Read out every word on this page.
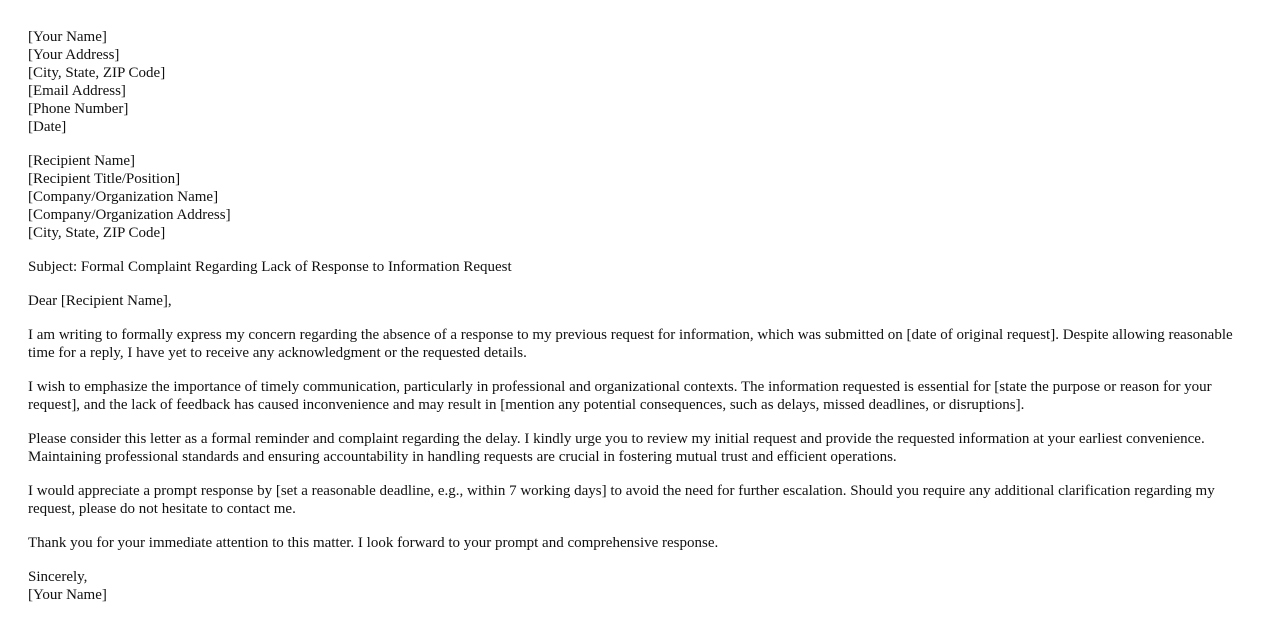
[Your Name]
[Your Address]
[City, State, ZIP Code]
[Email Address]
[Phone Number]
[Date]
[Recipient Name]
[Recipient Title/Position]
[Company/Organization Name]
[Company/Organization Address]
[City, State, ZIP Code]

Subject: Formal Complaint Regarding Lack of Response to Information Request

Dear [Recipient Name],

I am writing to formally express my concern regarding the absence of a response to my previous request for information, which was submitted on [date of original request]. Despite allowing reasonable time for a reply, I have yet to receive any acknowledgment or the requested details.

I wish to emphasize the importance of timely communication, particularly in professional and organizational contexts. The information requested is essential for [state the purpose or reason for your request], and the lack of feedback has caused inconvenience and may result in [mention any potential consequences, such as delays, missed deadlines, or disruptions].

Please consider this letter as a formal reminder and complaint regarding the delay. I kindly urge you to review my initial request and provide the requested information at your earliest convenience. Maintaining professional standards and ensuring accountability in handling requests are crucial in fostering mutual trust and efficient operations.

I would appreciate a prompt response by [set a reasonable deadline, e.g., within 7 working days] to avoid the need for further escalation. Should you require any additional clarification regarding my request, please do not hesitate to contact me.

Thank you for your immediate attention to this matter. I look forward to your prompt and comprehensive response.

Sincerely,
[Your Name]
